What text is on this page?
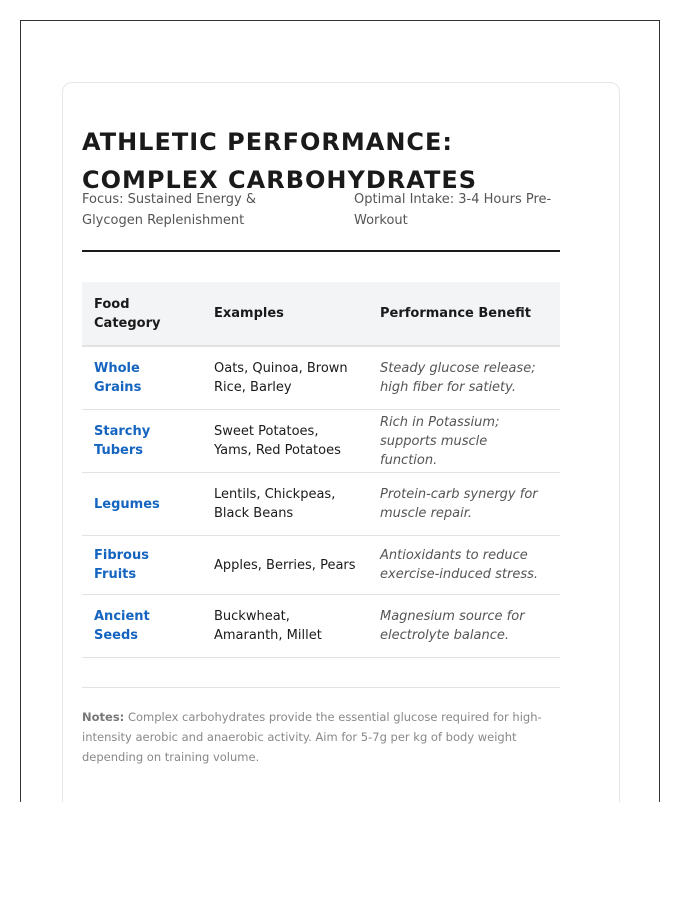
ATHLETIC PERFORMANCE: COMPLEX CARBOHYDRATES
Focus: Sustained Energy & Glycogen Replenishment
Optimal Intake: 3-4 Hours Pre-Workout
Food Category	Examples	Performance Benefit
Whole Grains	Oats, Quinoa, Brown Rice, Barley	Steady glucose release; high fiber for satiety.
Starchy Tubers	Sweet Potatoes, Yams, Red Potatoes	Rich in Potassium; supports muscle function.
Legumes	Lentils, Chickpeas, Black Beans	Protein-carb synergy for muscle repair.
Fibrous Fruits	Apples, Berries, Pears	Antioxidants to reduce exercise-induced stress.
Ancient Seeds	Buckwheat, Amaranth, Millet	Magnesium source for electrolyte balance.
Notes: Complex carbohydrates provide the essential glucose required for high-intensity aerobic and anaerobic activity. Aim for 5-7g per kg of body weight depending on training volume.
